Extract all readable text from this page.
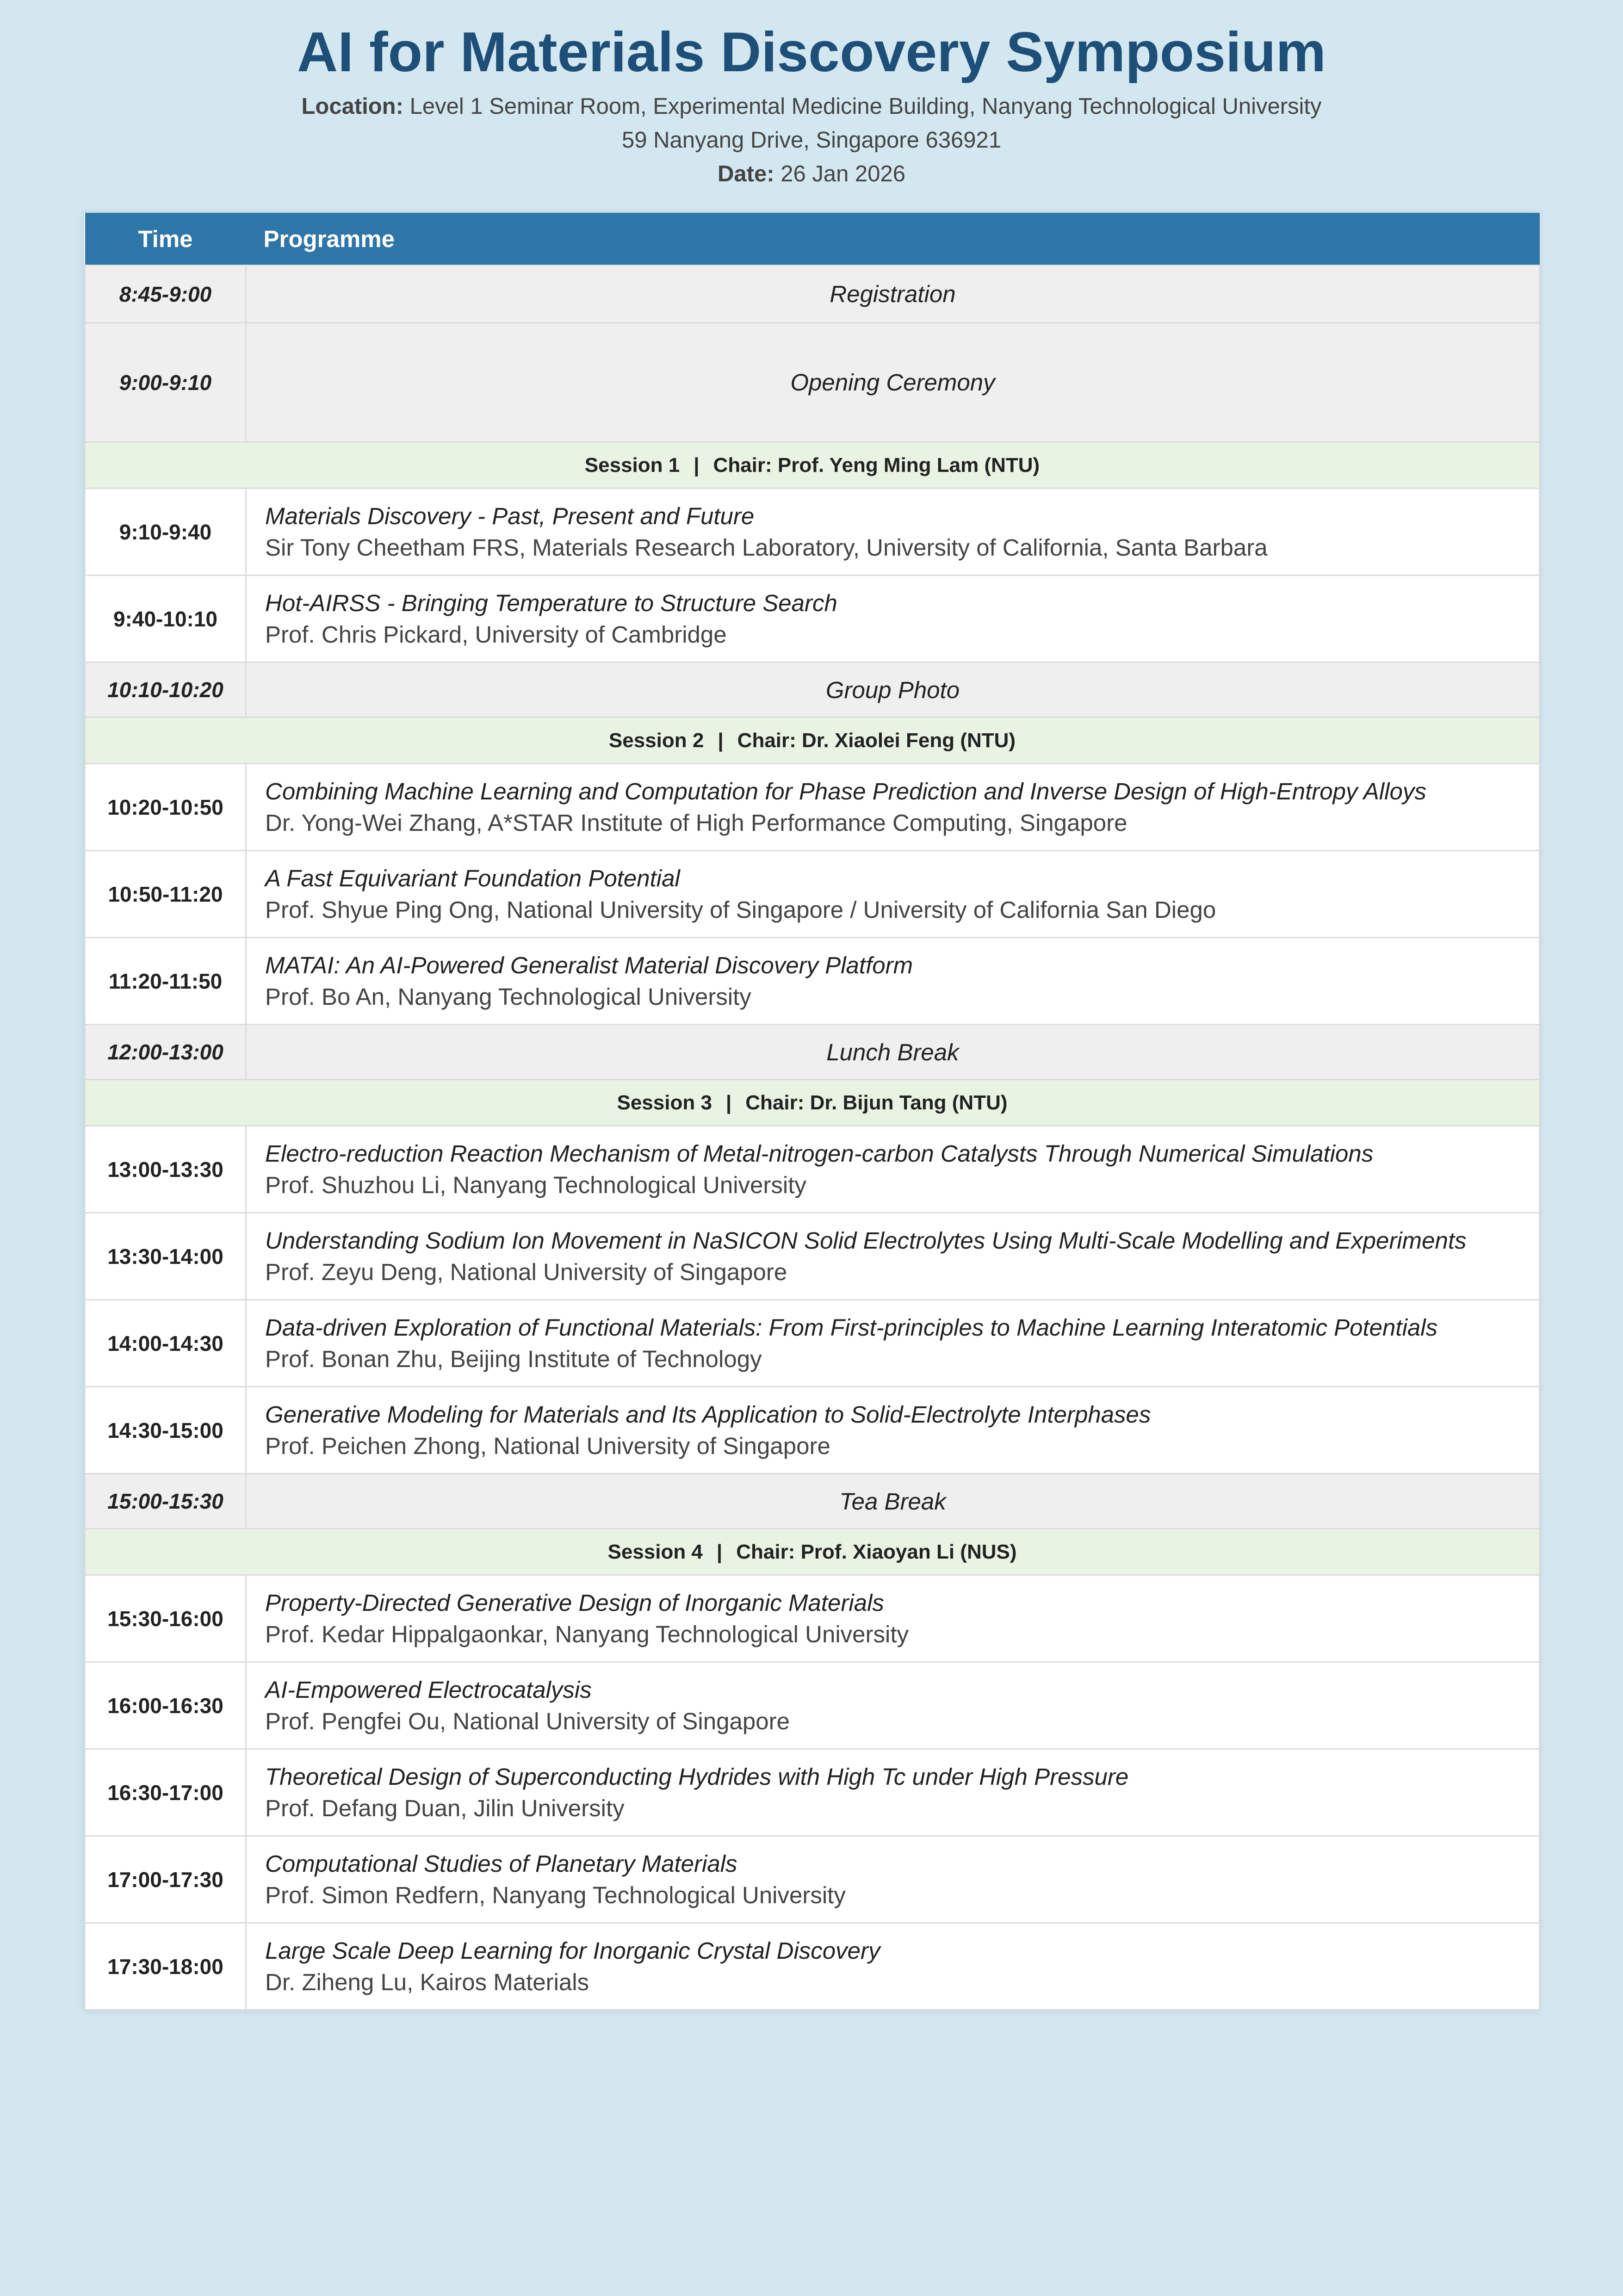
AI for Materials Discovery Symposium
Location: Level 1 Seminar Room, Experimental Medicine Building, Nanyang Technological University
59 Nanyang Drive, Singapore 636921
Date: 26 Jan 2026
Time	Programme
8:45-9:00	Registration
9:00-9:10	Opening Ceremony
Session 1 | Chair: Prof. Yeng Ming Lam (NTU)	
9:10-9:40	Materials Discovery - Past, Present and Future
Sir Tony Cheetham FRS, Materials Research Laboratory, University of California, Santa Barbara

9:40-10:10	Hot-AIRSS - Bringing Temperature to Structure Search
Prof. Chris Pickard, University of Cambridge

10:10-10:20	Group Photo
Session 2 | Chair: Dr. Xiaolei Feng (NTU)	
10:20-10:50	Combining Machine Learning and Computation for Phase Prediction and Inverse Design of High-Entropy Alloys
Dr. Yong-Wei Zhang, A*STAR Institute of High Performance Computing, Singapore

10:50-11:20	A Fast Equivariant Foundation Potential
Prof. Shyue Ping Ong, National University of Singapore / University of California San Diego

11:20-11:50	MATAI: An AI-Powered Generalist Material Discovery Platform
Prof. Bo An, Nanyang Technological University

12:00-13:00	Lunch Break
Session 3 | Chair: Dr. Bijun Tang (NTU)	
13:00-13:30	Electro-reduction Reaction Mechanism of Metal-nitrogen-carbon Catalysts Through Numerical Simulations
Prof. Shuzhou Li, Nanyang Technological University

13:30-14:00	Understanding Sodium Ion Movement in NaSICON Solid Electrolytes Using Multi-Scale Modelling and Experiments
Prof. Zeyu Deng, National University of Singapore

14:00-14:30	Data-driven Exploration of Functional Materials: From First-principles to Machine Learning Interatomic Potentials
Prof. Bonan Zhu, Beijing Institute of Technology

14:30-15:00	Generative Modeling for Materials and Its Application to Solid-Electrolyte Interphases
Prof. Peichen Zhong, National University of Singapore

15:00-15:30	Tea Break
Session 4 | Chair: Prof. Xiaoyan Li (NUS)	
15:30-16:00	Property-Directed Generative Design of Inorganic Materials
Prof. Kedar Hippalgaonkar, Nanyang Technological University

16:00-16:30	AI-Empowered Electrocatalysis
Prof. Pengfei Ou, National University of Singapore

16:30-17:00	Theoretical Design of Superconducting Hydrides with High Tc under High Pressure
Prof. Defang Duan, Jilin University

17:00-17:30	Computational Studies of Planetary Materials
Prof. Simon Redfern, Nanyang Technological University

17:30-18:00	Large Scale Deep Learning for Inorganic Crystal Discovery
Dr. Ziheng Lu, Kairos Materials
